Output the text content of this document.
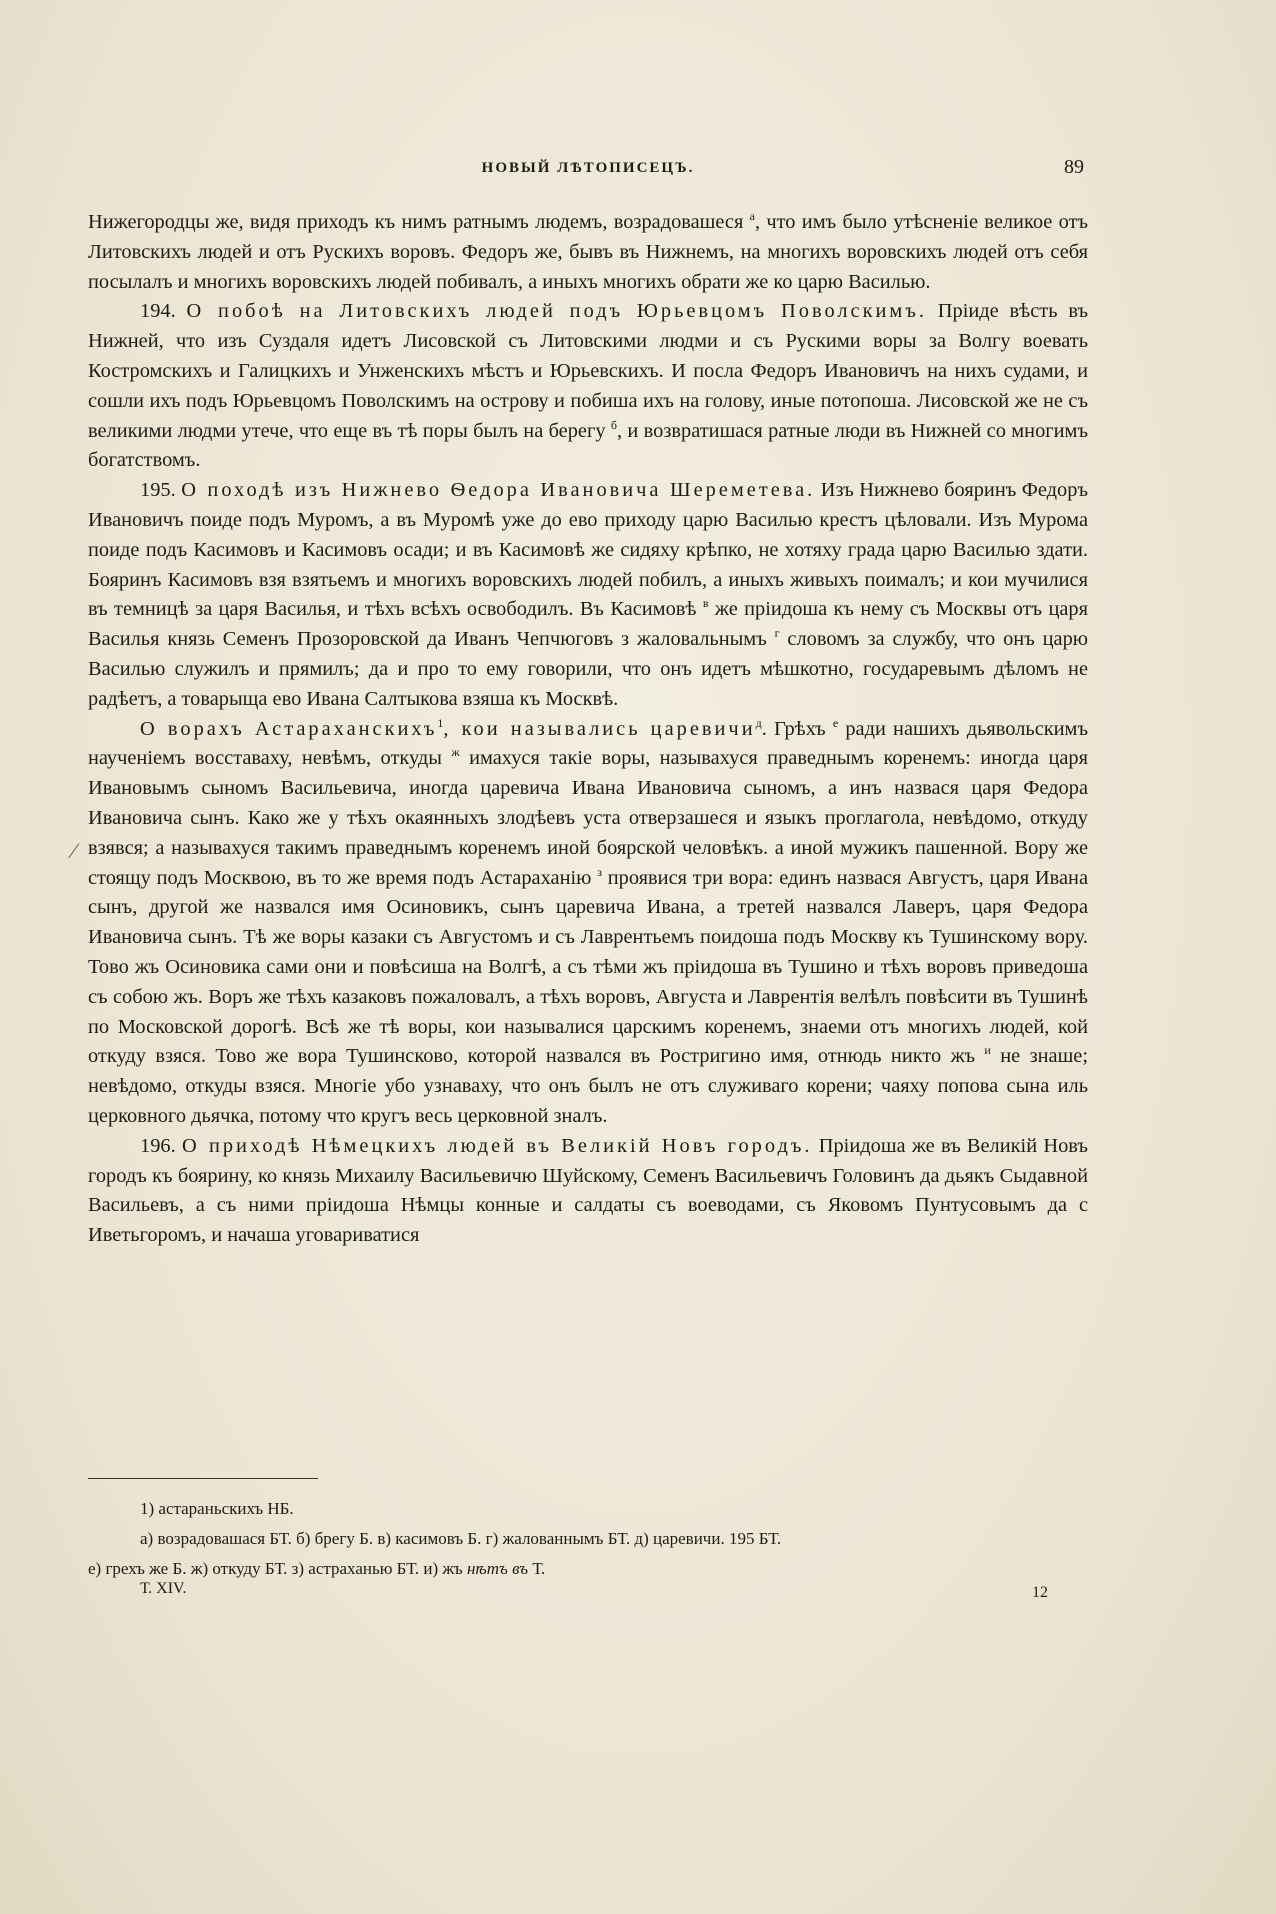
НОВЫЙ ЛѢТОПИСЕЦЪ.	89

Нижегородцы же, видя приходъ къ нимъ ратнымъ людемъ, возрадовашеся $^а$, что имъ было утѣсненіе великое отъ Литовскихъ людей и отъ Рускихъ воровъ. Федоръ же, бывъ въ Нижнемъ, на многихъ воровскихъ людей отъ себя посылалъ и многихъ воровскихъ людей побивалъ, а иныхъ многихъ обрати же ко царю Василью.

194. О побоѣ на Литовскихъ людей подъ Юрьевцомъ Поволскимъ. Пріиде вѣсть въ Нижней, что изъ Суздаля идетъ Лисовской съ Литовскими людми и съ Рускими воры за Волгу воевать Костромскихъ и Галицкихъ и Унженскихъ мѣстъ и Юрьевскихъ. И посла Федоръ Ивановичъ на нихъ судами, и сошли ихъ подъ Юрьевцомъ Поволскимъ на острову и побиша ихъ на голову, иные потопоша. Лисовской же не съ великими людми утече, что еще въ тѣ поры былъ на берегу $^б$, и возвратишася ратные люди въ Нижней со многимъ богатствомъ.

195. О походѣ изъ Нижнево Ѳедора Ивановича Шереметева. Изъ Нижнево бояринъ Федоръ Ивановичъ поиде подъ Муромъ, а въ Муромѣ уже до ево приходу царю Василью крестъ цѣловали. Изъ Мурома поиде подъ Касимовъ и Касимовъ осади; и въ Касимовѣ же сидяху крѣпко, не хотяху града царю Василью здати. Бояринъ Касимовъ взя взятьемъ и многихъ воровскихъ людей побилъ, а иныхъ живыхъ поималъ; и кои мучилися въ темницѣ за царя Василья, и тѣхъ всѣхъ освободилъ. Въ Касимовѣ $^в$ же пріидоша къ нему съ Москвы отъ царя Василья князь Семенъ Прозоровской да Иванъ Чепчюговъ з жаловальнымъ $^г$ словомъ за службу, что онъ царю Василью служилъ и прямилъ; да и про то ему говорили, что онъ идетъ мѣшкотно, государевымъ дѣломъ не радѣетъ, а товарыща ево Ивана Салтыкова взяша къ Москвѣ.

О ворахъ Астараханскихъ$^1$, кои назывались царевичи$^д$. Грѣхъ $^е$ ради нашихъ дьявольскимъ наученіемъ восставаху, невѣмъ, откуды $^ж$ имахуся такіе воры, называхуся праведнымъ коренемъ: иногда царя Ивановымъ сыномъ Васильевича, иногда царевича Ивана Ивановича сыномъ, а инъ назвася царя Федора Ивановича сынъ. Како же у тѣхъ окаянныхъ злодѣевъ уста отверзашеся и языкъ проглагола, невѣдомо, откуду взявся; а называхуся такимъ праведнымъ коренемъ иной боярской человѣкъ. а иной мужикъ пашенной. Вору же стоящу подъ Москвою, въ то же время подъ Астараханію $^з$ проявися три вора: единъ назвася Августъ, царя Ивана сынъ, другой же назвался имя Осиновикъ, сынъ царевича Ивана, а третей назвался Лаверъ, царя Федора Ивановича сынъ. Тѣ же воры казаки съ Августомъ и съ Лаврентьемъ поидоша подъ Москву къ Тушинскому вору. Тово жъ Осиновика сами они и повѣсиша на Волгѣ, а съ тѣми жъ пріидоша въ Тушино и тѣхъ воровъ приведоша съ собою жъ. Воръ же тѣхъ казаковъ пожаловалъ, а тѣхъ воровъ, Августа и Лаврентія велѣлъ повѣсити въ Тушинѣ по Московской дорогѣ. Всѣ же тѣ воры, кои называлися царскимъ коренемъ, знаеми отъ многихъ людей, кой откуду взяся. Тово же вора Тушинсково, которой назвался въ Ростригино имя, отнюдь никто жъ $^и$ не знаше; невѣдомо, откуды взяся. Многіе убо узнаваху, что онъ былъ не отъ служиваго корени; чаяху попова сына иль церковного дьячка, потому что кругъ весь церковной зналъ.

196. О приходѣ Нѣмецкихъ людей въ Великій Новъ городъ. Пріидоша же въ Великій Новъ городъ къ боярину, ко князь Михаилу Васильевичю Шуйскому, Семенъ Васильевичъ Головинъ да дьякъ Сыдавной Васильевъ, а съ ними пріидоша Нѣмцы конные и салдаты съ воеводами, съ Яковомъ Пунтусовымъ да с Иветьгоромъ, и начаша уговариватися

1) астараньскихъ НБ.
а) возрадовашася БТ. б) брегу Б. в) касимовъ Б. г) жалованнымъ БТ. д) царевичи. 195 БТ.
е) грехъ же Б. ж) откуду БТ. з) астраханью БТ. и) жъ нѣтъ въ Т.
Т. XIV.	12
⁄
